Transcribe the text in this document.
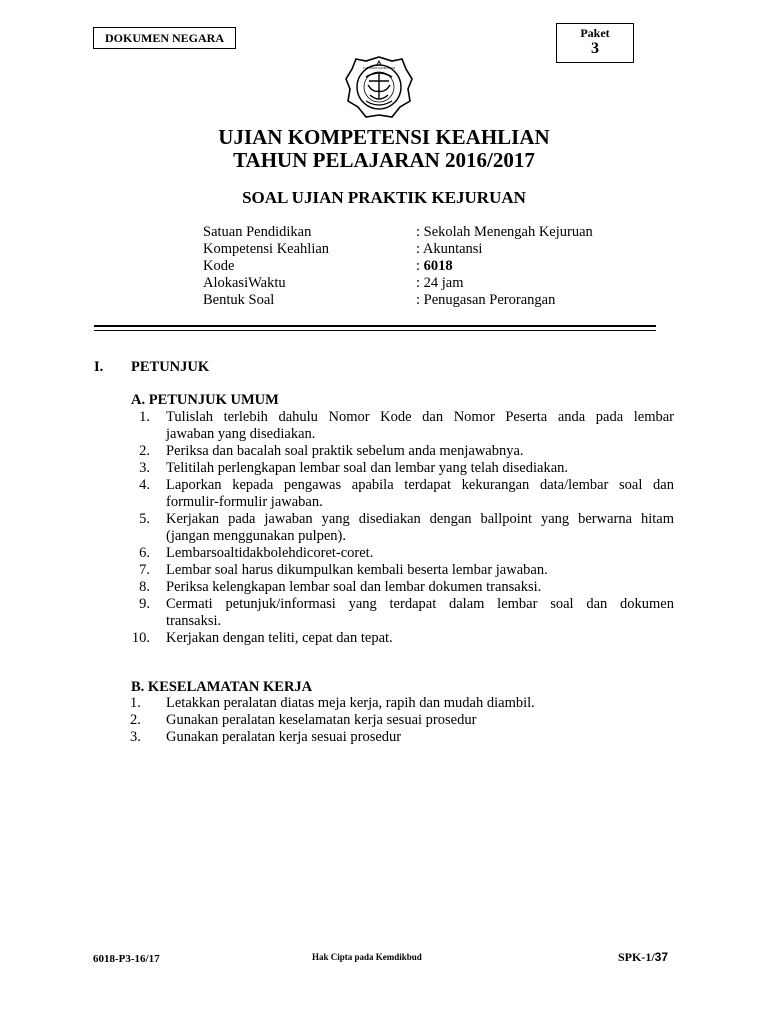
DOKUMEN NEGARA	Paket
3
TUT WURI HANDAYANI
UJIAN KOMPETENSI KEAHLIAN
TAHUN PELAJARAN 2016/2017
SOAL UJIAN PRAKTIK KEJURUAN
Satuan Pendidikan	: Sekolah Menengah Kejuruan
Kompetensi Keahlian	: Akuntansi
Kode	: 6018
AlokasiWaktu	: 24 jam
Bentuk Soal	: Penugasan Perorangan
I. PETUNJUK
A. PETUNJUK UMUM
1. Tulislah terlebih dahulu Nomor Kode dan Nomor Peserta anda pada lembar
jawaban yang disediakan.
2. Periksa dan bacalah soal praktik sebelum anda menjawabnya.
3. Telitilah perlengkapan lembar soal dan lembar yang telah disediakan.
4. Laporkan kepada pengawas apabila terdapat kekurangan data/lembar soal dan
formulir-formulir jawaban.
5. Kerjakan pada jawaban yang disediakan dengan ballpoint yang berwarna hitam
(jangan menggunakan pulpen).
6. Lembarsoaltidakbolehdicoret-coret.
7. Lembar soal harus dikumpulkan kembali beserta lembar jawaban.
8. Periksa kelengkapan lembar soal dan lembar dokumen transaksi.
9. Cermati petunjuk/informasi yang terdapat dalam lembar soal dan dokumen
transaksi.
10. Kerjakan dengan teliti, cepat dan tepat.
B. KESELAMATAN KERJA
1. Letakkan peralatan diatas meja kerja, rapih dan mudah diambil.
2. Gunakan peralatan keselamatan kerja sesuai prosedur
3. Gunakan peralatan kerja sesuai prosedur
6018-P3-16/17	Hak Cipta pada Kemdikbud	SPK-1/37
